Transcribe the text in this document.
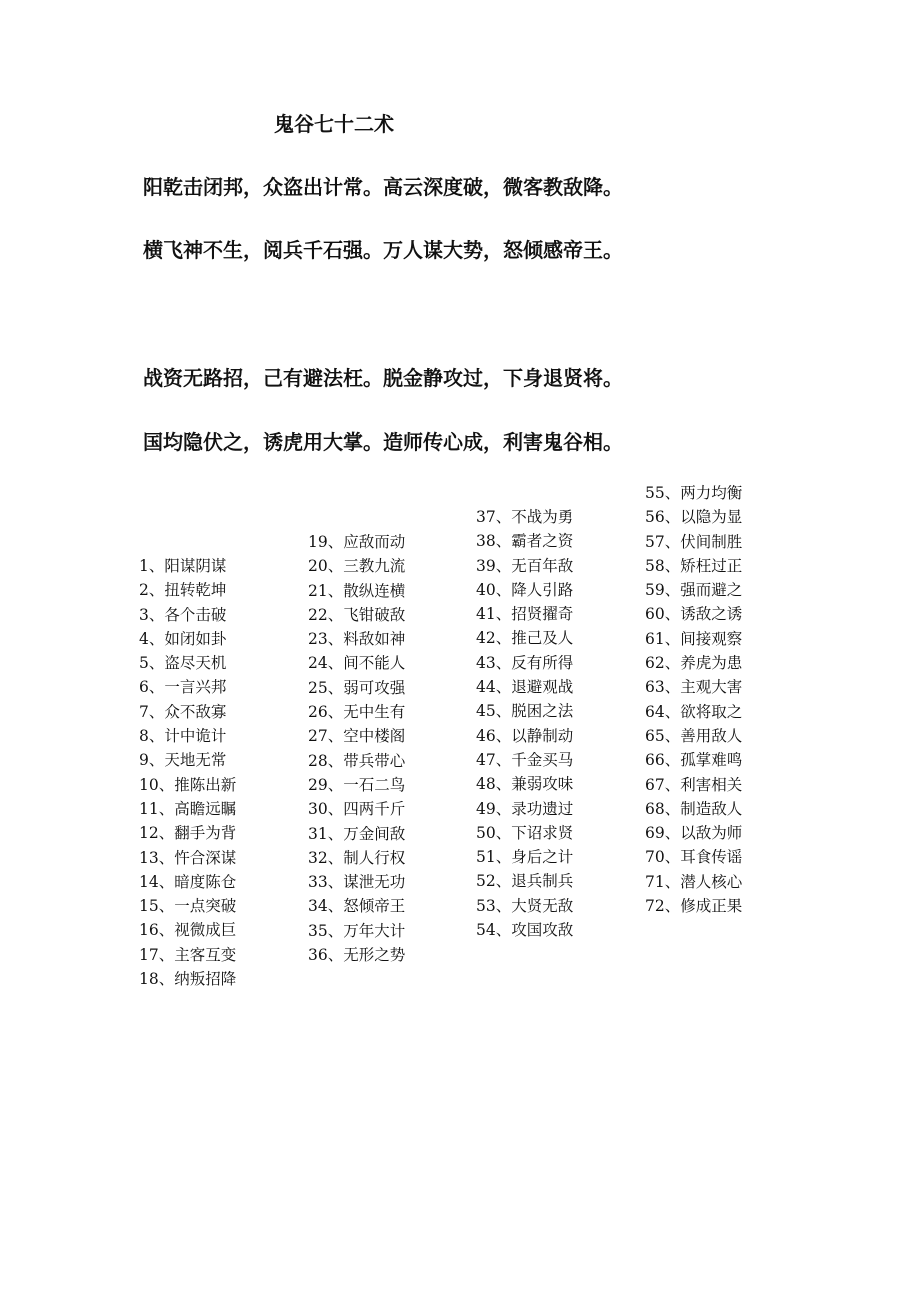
鬼谷七十二术
阳乾击闭邦，众盗出计常。高云深度破，微客教敌降。
横飞神不生，阅兵千石强。万人谋大势，怒倾感帝王。
战资无路招，己有避法枉。脱金静攻过，下身退贤将。
国均隐伏之，诱虎用大掌。造师传心成，利害鬼谷相。
1、阳谋阴谋
2、扭转乾坤
3、各个击破
4、如闭如卦
5、盗尽天机
6、一言兴邦
7、众不敌寡
8、计中诡计
9、天地无常
10、推陈出新
11、高瞻远瞩
12、翻手为背
13、忤合深谋
14、暗度陈仓
15、一点突破
16、视微成巨
17、主客互变
18、纳叛招降
19、应敌而动
20、三教九流
21、散纵连横
22、飞钳破敌
23、料敌如神
24、间不能人
25、弱可攻强
26、无中生有
27、空中楼阁
28、带兵带心
29、一石二鸟
30、四两千斤
31、万金间敌
32、制人行权
33、谋泄无功
34、怒倾帝王
35、万年大计
36、无形之势
37、不战为勇
38、霸者之资
39、无百年敌
40、降人引路
41、招贤擢奇
42、推己及人
43、反有所得
44、退避观战
45、脱困之法
46、以静制动
47、千金买马
48、兼弱攻味
49、录功遗过
50、下诏求贤
51、身后之计
52、退兵制兵
53、大贤无敌
54、攻国攻敌
55、两力均衡
56、以隐为显
57、伏间制胜
58、矫枉过正
59、强而避之
60、诱敌之诱
61、间接观察
62、养虎为患
63、主观大害
64、欲将取之
65、善用敌人
66、孤掌难鸣
67、利害相关
68、制造敌人
69、以敌为师
70、耳食传谣
71、潜人核心
72、修成正果
